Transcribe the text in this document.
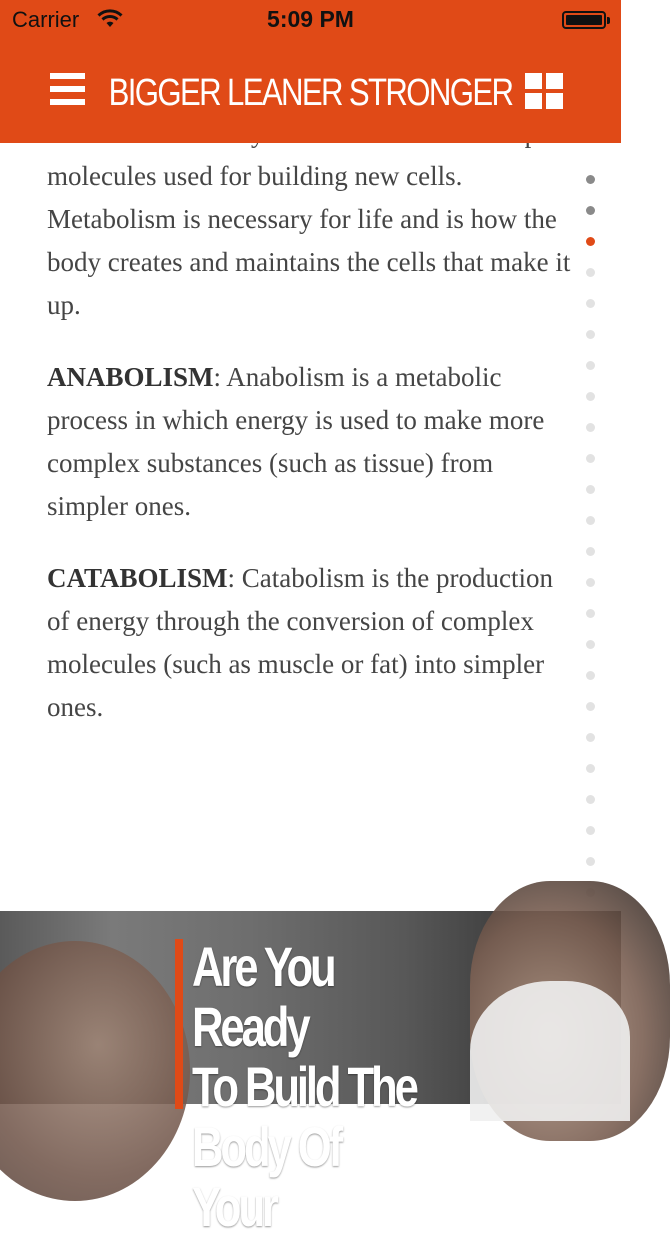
Carrier	5:09 PM
BIGGER LEANER STRONGER

molecules used for building new cells. Metabolism is necessary for life and is how the body creates and maintains the cells that make it up.

ANABOLISM: Anabolism is a metabolic process in which energy is used to make more complex substances (such as tissue) from simpler ones.

CATABOLISM: Catabolism is the production of energy through the conversion of complex molecules (such as muscle or fat) into simpler ones.

Are You Ready
To Build The
Body Of Your
